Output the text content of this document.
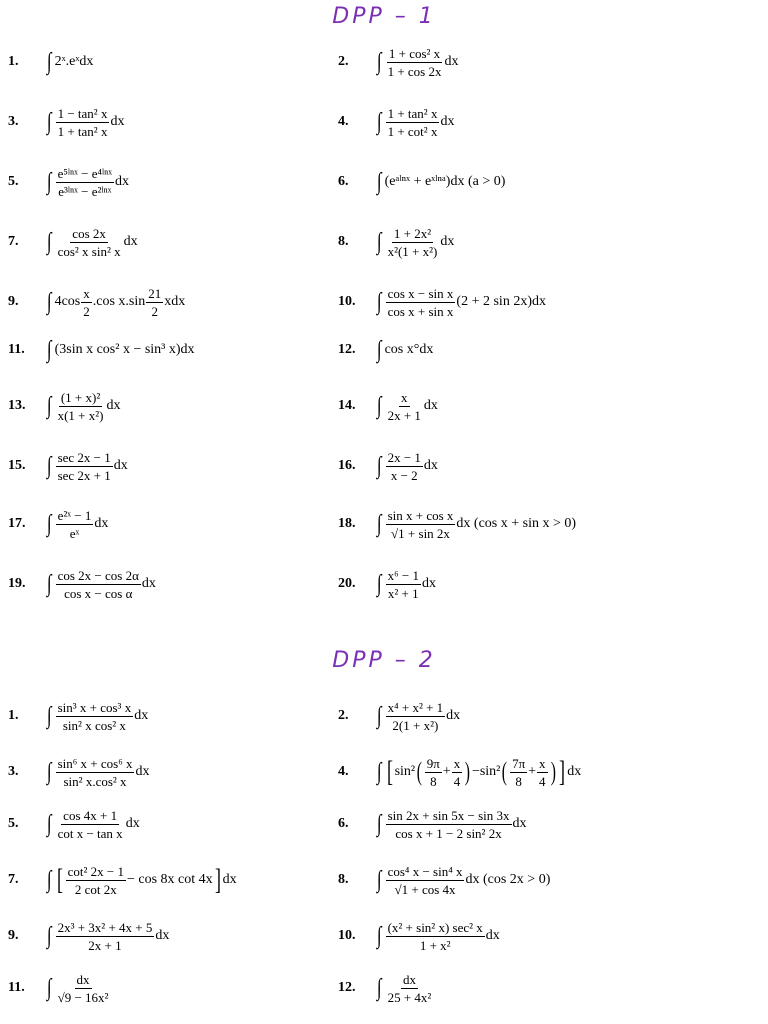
DPP – 1
1.	∫ 2ˣ.eˣdx	2.	∫ $\frac{\text{1 + cos² x}}{1 + \cos 2x}$ dx
3.	∫ $\frac{\text{1 − tan² x}}{\text{1 + tan² x}}$ dx	4.	∫ $\frac{\text{1 + tan² x}}{\text{1 + cot² x}}$ dx
5.	∫ $\frac{\text{e⁵ˡⁿˣ − e⁴ˡⁿˣ}}{\text{e³ˡⁿˣ − e²ˡⁿˣ}}$ dx	6.	∫ (eᵃˡⁿˣ + eˣˡⁿᵃ)dx (a > 0)
7.	∫ $\frac{\cos 2x}{\text{cos² x sin² x}}$ dx	8.	∫ $\frac{\text{1 + 2x²}}{\text{x²(1 + x²)}}$ dx
9.	∫ $4\cos \frac{x}{2} .\cos$ $x.\sin \frac{21}{2}$ xdx	10. ∫ $\frac{\text{cos x − sin x}}{\text{cos x + sin x}} (2 + 2$ sin 2x)dx
11. ∫ (3sin x cos² x − sin³ x)dx	12. ∫ cos x°dx
13. ∫ $\frac{\text{(1 + x)²}}{\text{x(1 + x²)}}$ dx	14. ∫ $\frac{x}{2x + 1}$ dx
15. ∫ $\frac{\sec 2x - 1}{\sec 2x + 1}$ dx	16. ∫ $\frac{2x - 1}{x - 2}$ dx
17. ∫ $\frac{\text{e²ˣ − 1}}{\text{eˣ}}$ dx	18. ∫ $\frac{\text{sin x + cos x}}{√1 + \sin 2x}$ dx (cos x + sin x > 0)
19. ∫ $\frac{\cos 2x - \cos 2\alpha}{\text{cos x − cos α}}$ dx	20. ∫ $\frac{\text{x⁶ − 1}}{\text{x² + 1}}$ dx
DPP – 2
1.	∫ $\frac{\text{sin³ x + cos³ x}}{\text{sin² x cos² x}}$ dx	2.	∫ $\frac{\text{x⁴ + x² + 1}}{\text{2(1 + x²)}}$ dx
3.	∫ $\frac{\text{sin⁶ x + cos⁶ x}}{\text{sin² x.cos² x}}$ dx	4.	∫ [ sin² ( $\frac{9\pi}{8} + \frac{x}{4}$ ) −sin² ( $\frac{7\pi}{8} + \frac{x}{4}$ ) ] dx
5.	∫ $\frac{\cos 4x + 1}{\text{cot x − tan x}}$ dx	6.	∫ $\frac{\sin 2x + \sin 5x - \sin 3x}{\text{cos x + 1 − 2 sin² 2x}}$ dx
7.	∫ [ $\frac{\text{cot² 2x − 1}}{2 \cot 2x} - \cos 8x$ cot 4x ] dx	8.	∫ $\frac{\text{cos⁴ x − sin⁴ x}}{√1 + \cos 4x}$ dx (cos 2x > 0)
9.	∫ $\frac{\text{2x³ + 3x² + 4x + 5}}{2x + 1}$ dx	10. ∫ $\frac{\text{(x² + sin² x) sec² x}}{\text{1 + x²}}$ dx
11. ∫ $\frac{dx}{\text{√9 − 16x²}}$	12. ∫ $\frac{dx}{\text{25 + 4x²}}$
